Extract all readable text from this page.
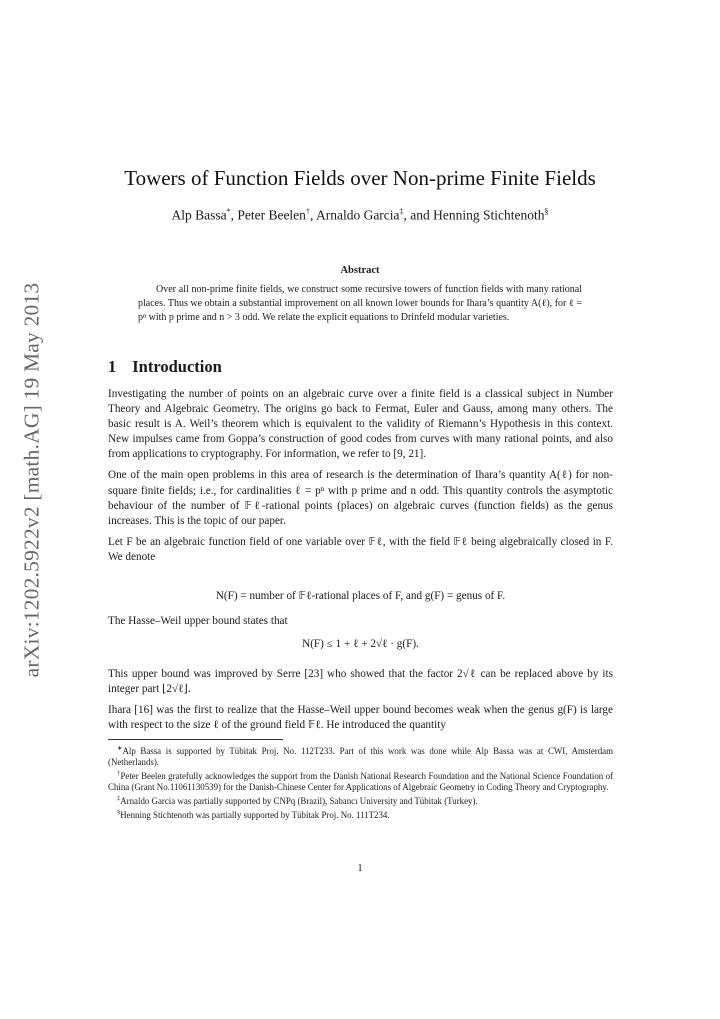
arXiv:1202.5922v2 [math.AG] 19 May 2013
Towers of Function Fields over Non-prime Finite Fields
Alp Bassa*, Peter Beelen†, Arnaldo Garcia‡, and Henning Stichtenoth§
Abstract
Over all non-prime finite fields, we construct some recursive towers of function fields with many rational places. Thus we obtain a substantial improvement on all known lower bounds for Ihara’s quantity A(ℓ), for ℓ = pⁿ with p prime and n > 3 odd. We relate the explicit equations to Drinfeld modular varieties.
1 Introduction

Investigating the number of points on an algebraic curve over a finite field is a classical subject in Number Theory and Algebraic Geometry. The origins go back to Fermat, Euler and Gauss, among many others. The basic result is A. Weil’s theorem which is equivalent to the validity of Riemann’s Hypothesis in this context. New impulses came from Goppa’s construction of good codes from curves with many rational points, and also from applications to cryptography. For information, we refer to [9, 21].

One of the main open problems in this area of research is the determination of Ihara’s quantity A(ℓ) for non-square finite fields; i.e., for cardinalities ℓ = pⁿ with p prime and n odd. This quantity controls the asymptotic behaviour of the number of 𝔽ℓ-rational points (places) on algebraic curves (function fields) as the genus increases. This is the topic of our paper.

Let F be an algebraic function field of one variable over 𝔽ℓ, with the field 𝔽ℓ being algebraically closed in F. We denote

N(F) = number of 𝔽ℓ-rational places of F, and g(F) = genus of F.

The Hasse–Weil upper bound states that

N(F) ≤ 1 + ℓ + 2√ℓ · g(F).

This upper bound was improved by Serre [23] who showed that the factor 2√ℓ can be replaced above by its integer part ⌊2√ℓ⌋.

Ihara [16] was the first to realize that the Hasse–Weil upper bound becomes weak when the genus g(F) is large with respect to the size ℓ of the ground field 𝔽ℓ. He introduced the quantity

∗Alp Bassa is supported by Tübitak Proj. No. 112T233. Part of this work was done while Alp Bassa was at CWI, Amsterdam (Netherlands).

†Peter Beelen gratefully acknowledges the support from the Danish National Research Foundation and the National Science Foundation of China (Grant No.11061130539) for the Danish-Chinese Center for Applications of Algebraic Geometry in Coding Theory and Cryptography.

‡Arnaldo Garcia was partially supported by CNPq (Brazil), Sabancı University and Tübitak (Turkey).

§Henning Stichtenoth was partially supported by Tübitak Proj. No. 111T234.

1
